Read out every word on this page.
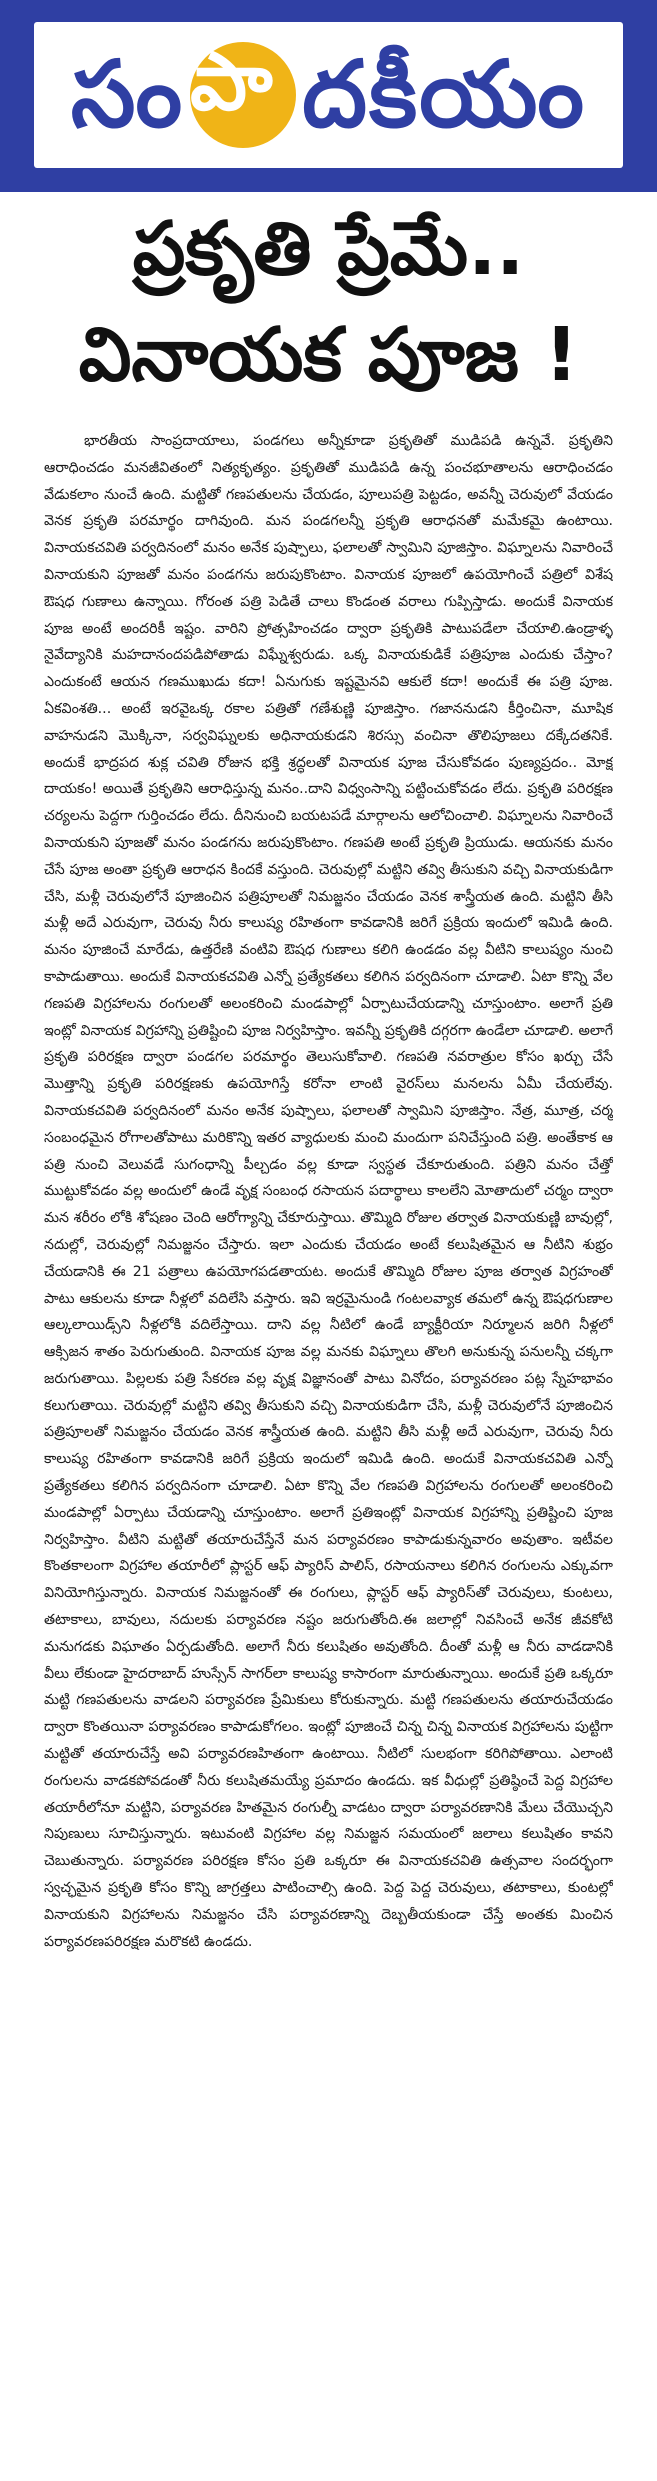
సం పా దకీయం
ప్రకృతి ప్రేమే..
వినాయక పూజ !

భారతీయ సాంప్రదాయాలు, పండగలు అన్నీకూడా ప్రకృతితో ముడిపడి ఉన్నవే. ప్రకృతిని ఆరాధించడం మనజీవితంలో నిత్యకృత్యం. ప్రకృతితో ముడిపడి ఉన్న పంచభూతాలను ఆరాధించడం వేడుకలాం నుంచే ఉంది. మట్టితో గణపతులను చేయడం, పూలుపత్రి పెట్టడం, అవన్నీ చెరువులో వేయడం వెనక ప్రకృతి పరమార్థం దాగివుంది. మన పండగలన్నీ ప్రకృతి ఆరాధనతో మమేకమై ఉంటాయి. వినాయకచవితి పర్వదినంలో మనం అనేక పుష్పాలు, ఫలాలతో స్వామిని పూజిస్తాం. విఘ్నాలను నివారించే వినాయకుని పూజతో మనం పండగను జరుపుకొంటాం. వినాయక పూజలో ఉపయోగించే పత్రిలో విశేష ఔషధ గుణాలు ఉన్నాయి. గోరంత పత్రి పెడితే చాలు కొండంత వరాలు గుప్పిస్తాడు. అందుకే వినాయక పూజ అంటే అందరికీ ఇష్టం. వారిని ప్రోత్సహించడం ద్వారా ప్రకృతికి పాటుపడేలా చేయాలి.ఉండ్రాళ్ళ నైవేద్యానికి మహదానందపడిపోతాడు విఘ్నేశ్వరుడు. ఒక్క వినాయకుడికే పత్రిపూజ ఎందుకు చేస్తాం? ఎందుకంటే ఆయన గణముఖుడు కదా! ఏనుగుకు ఇష్టమైనవి ఆకులే కదా! అందుకే ఈ పత్రి పూజ. ఏకవింశతి... అంటే ఇరవైఒక్క రకాల పత్రితో గణేశుణ్ణి పూజిస్తాం. గజాననుడని కీర్తించినా, మూషిక వాహనుడని మొక్కినా, సర్వవిఘ్నలకు అధినాయకుడని శిరస్సు వంచినా తొలిపూజలు దక్కేదతనికే. అందుకే భాద్రపద శుక్ల చవితి రోజున భక్తి శ్రద్ధలతో వినాయక పూజ చేసుకోవడం పుణ్యప్రదం.. మోక్ష దాయకం! అయితే ప్రకృతిని ఆరాధిస్తున్న మనం..దాని విధ్వంసాన్ని పట్టించుకోవడం లేదు. ప్రకృతి పరిరక్షణ చర్యలను పెద్దగా గుర్తించడం లేదు. దీనినుంచి బయటపడే మార్గాలను ఆలోచించాలి. విఘ్నాలను నివారించే వినాయకుని పూజతో మనం పండగను జరుపుకొంటాం. గణపతి అంటే ప్రకృతి ప్రియుడు. ఆయనకు మనం చేసే పూజ అంతా ప్రకృతి ఆరాధన కిందకే వస్తుంది. చెరువుల్లో మట్టిని తవ్వి తీసుకుని వచ్చి వినాయకుడిగా చేసి, మళ్లీ చెరువులోనే పూజించిన పత్రిపూలతో నిమజ్జనం చేయడం వెనక శాస్త్రీయత ఉంది. మట్టిని తీసి మళ్లీ అదే ఎరువుగా, చెరువు నీరు కాలుష్య రహితంగా కావడానికి జరిగే ప్రక్రియ ఇందులో ఇమిడి ఉంది. మనం పూజించే మారేడు, ఉత్తరేణి వంటివి ఔషధ గుణాలు కలిగి ఉండడం వల్ల వీటిని కాలుష్యం నుంచి కాపాడుతాయి. అందుకే వినాయకచవితి ఎన్నో ప్రత్యేకతలు కలిగిన పర్వదినంగా చూడాలి. ఏటా కొన్ని వేల గణపతి విగ్రహాలను రంగులతో అలంకరించి మండపాల్లో ఏర్పాటుచేయడాన్ని చూస్తుంటాం. అలాగే ప్రతి ఇంట్లో వినాయక విగ్రహాన్ని ప్రతిష్టించి పూజ నిర్వహిస్తాం. ఇవన్నీ ప్రకృతికి దగ్గరగా ఉండేలా చూడాలి. అలాగే ప్రకృతి పరిరక్షణ ద్వారా పండగల పరమార్థం తెలుసుకోవాలి. గణపతి నవరాత్రుల కోసం ఖర్చు చేసే మొత్తాన్ని ప్రకృతి పరిరక్షణకు ఉపయోగిస్తే కరోనా లాంటి వైరస్‌లు మనలను ఏమీ చేయలేవు. వినాయకచవితి పర్వదినంలో మనం అనేక పుష్పాలు, ఫలాలతో స్వామిని పూజిస్తాం. నేత్ర, మూత్ర, చర్మ సంబంధమైన రోగాలతోపాటు మరికొన్ని ఇతర వ్యాధులకు మంచి మందుగా పనిచేస్తుంది పత్రి. అంతేకాక ఆ పత్రి నుంచి వెలువడే సుగంధాన్ని పీల్చడం వల్ల కూడా స్వస్థత చేకూరుతుంది. పత్రిని మనం చేత్తో ముట్టుకోవడం వల్ల అందులో ఉండే వృక్ష సంబంధ రసాయన పదార్థాలు కాలలేని మోతాదులో చర్మం ద్వారా మన శరీరం లోకి శోషణం చెంది ఆరోగ్యాన్ని చేకూరుస్తాయి. తొమ్మిది రోజుల తర్వాత వినాయకుణ్ణి బావుల్లో, నదుల్లో, చెరువుల్లో నిమజ్జనం చేస్తారు. ఇలా ఎందుకు చేయడం అంటే కలుషితమైన ఆ నీటిని శుభ్రం చేయడానికి ఈ 21 పత్రాలు ఉపయోగపడతాయట. అందుకే తొమ్మిది రోజుల పూజ తర్వాత విగ్రహంతో పాటు ఆకులను కూడా నీళ్లలో వదిలేసి వస్తారు. ఇవి ఇర్రమైనుండి గంటలవ్యాక తమలో ఉన్న ఔషధగుణాల ఆల్కలాయిడ్స్‌ని నీళ్లలోకి వదిలేస్తాయి. దాని వల్ల నీటిలో ఉండే బ్యాక్టీరియా నిర్మూలన జరిగి నీళ్లలో ఆక్సిజన శాతం పెరుగుతుంది. వినాయక పూజ వల్ల మనకు విఘ్నాలు తొలగి అనుకున్న పనులన్నీ చక్కగా జరుగుతాయి. పిల్లలకు పత్రి సేకరణ వల్ల వృక్ష విజ్ఞానంతో పాటు వినోదం, పర్యావరణం పట్ల స్నేహభావం కలుగుతాయి. చెరువుల్లో మట్టిని తవ్వి తీసుకుని వచ్చి వినాయకుడిగా చేసి, మళ్లీ చెరువులోనే పూజించిన పత్రిపూలతో నిమజ్జనం చేయడం వెనక శాస్త్రీయత ఉంది. మట్టిని తీసి మళ్లీ అదే ఎరువుగా, చెరువు నీరు కాలుష్య రహితంగా కావడానికి జరిగే ప్రక్రియ ఇందులో ఇమిడి ఉంది. అందుకే వినాయకచవితి ఎన్నో ప్రత్యేకతలు కలిగిన పర్వదినంగా చూడాలి. ఏటా కొన్ని వేల గణపతి విగ్రహాలను రంగులతో అలంకరించి మండపాల్లో ఏర్పాటు చేయడాన్ని చూస్తుంటాం. అలాగే ప్రతిఇంట్లో వినాయక విగ్రహాన్ని ప్రతిష్టించి పూజ నిర్వహిస్తాం. వీటిని మట్టితో తయారుచేస్తేనే మన పర్యావరణం కాపాడుకున్నవారం అవుతాం. ఇటీవల కొంతకాలంగా విగ్రహాల తయారీలో ప్లాస్టర్ ఆఫ్ ప్యారిస్ పాలిస్, రసాయనాలు కలిగిన రంగులను ఎక్కువగా వినియోగిస్తున్నారు. వినాయక నిమజ్జనంతో ఈ రంగులు, ప్లాస్టర్ ఆఫ్ ప్యారిస్‌తో చెరువులు, కుంటలు, తటాకాలు, బావులు, నదులకు పర్యావరణ నష్టం జరుగుతోంది.ఈ జలాల్లో నివసించే అనేక జీవకోటి మనుగడకు విఘాతం ఏర్పడుతోంది. అలాగే నీరు కలుషితం అవుతోంది. దీంతో మళ్లీ ఆ నీరు వాడడానికి వీలు లేకుండా హైదరాబాద్ హుస్సేన్ సాగర్‌లా కాలుష్య కాసారంగా మారుతున్నాయి. అందుకే ప్రతి ఒక్కరూ మట్టి గణపతులను వాడలని పర్యావరణ ప్రేమికులు కోరుకున్నారు. మట్టి గణపతులను తయారుచేయడం ద్వారా కొంతయినా పర్యావరణం కాపాడుకోగలం. ఇంట్లో పూజించే చిన్న చిన్న వినాయక విగ్రహాలను పుట్టిగా మట్టితో తయారుచేస్తే అవి పర్యావరణహితంగా ఉంటాయి. నీటిలో సులభంగా కరిగిపోతాయి. ఎలాంటి రంగులను వాడకపోవడంతో నీరు కలుషితమయ్యే ప్రమాదం ఉండదు. ఇక వీధుల్లో ప్రతిష్ఠించే పెద్ద విగ్రహాల తయారీలోనూ మట్టిని, పర్యావరణ హితమైన రంగుల్నీ వాడటం ద్వారా పర్యావరణానికి మేలు చేయొచ్చని నిపుణులు సూచిస్తున్నారు. ఇటువంటి విగ్రహాల వల్ల నిమజ్జన సమయంలో జలాలు కలుషితం కావని చెబుతున్నారు. పర్యావరణ పరిరక్షణ కోసం ప్రతి ఒక్కరూ ఈ వినాయకచవితి ఉత్సవాల సందర్భంగా స్వచ్ఛమైన ప్రకృతి కోసం కొన్ని జాగ్రత్తలు పాటించాల్సి ఉంది. పెద్ద పెద్ద చెరువులు, తటాకాలు, కుంటల్లో వినాయకుని విగ్రహాలను నిమజ్జనం చేసి పర్యావరణాన్ని దెబ్బతీయకుండా చేస్తే అంతకు మించిన పర్యావరణపరిరక్షణ మరొకటి ఉండదు.
